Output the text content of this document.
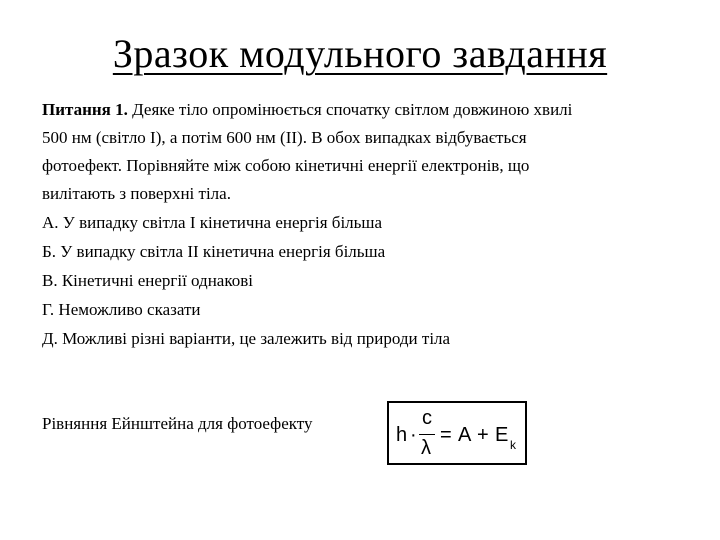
Зразок модульного завдання
Питання 1. Деяке тіло опромінюється спочатку світлом довжиною хвилі
500 нм (світло І), а потім 600 нм (ІІ). В обох випадках відбувається
фотоефект. Порівняйте між собою кінетичні енергії електронів, що
вилітають з поверхні тіла.
А. У випадку світла І кінетична енергія більша
Б. У випадку світла ІІ кінетична енергія більша
В. Кінетичні енергії однакові
Г. Неможливо сказати
Д. Можливі різні варіанти, це залежить від природи тіла
Рівняння Ейнштейна для фотоефекту
h ·
c
λ
= A + E k
